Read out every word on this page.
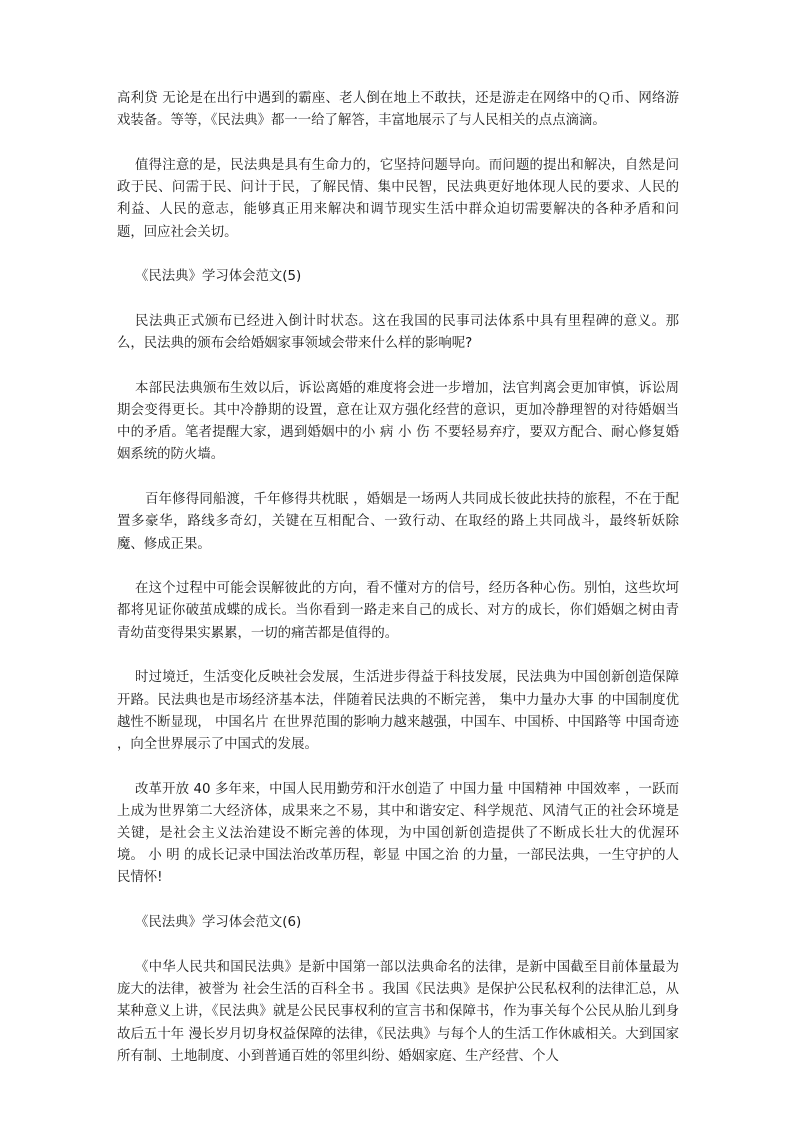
高利贷 无论是在出行中遇到的霸座、老人倒在地上不敢扶，还是游走在网络中的Ｑ币、网络游戏装备。等等，《民法典》都一一给了解答，丰富地展示了与人民相关的点点滴滴。

值得注意的是，民法典是具有生命力的，它坚持问题导向。而问题的提出和解决，自然是问政于民、问需于民、问计于民，了解民情、集中民智，民法典更好地体现人民的要求、人民的利益、人民的意志，能够真正用来解决和调节现实生活中群众迫切需要解决的各种矛盾和问题，回应社会关切。

《民法典》学习体会范文(5)

民法典正式颁布已经进入倒计时状态。这在我国的民事司法体系中具有里程碑的意义。那么，民法典的颁布会给婚姻家事领域会带来什么样的影响呢?

本部民法典颁布生效以后，诉讼离婚的难度将会进一步增加，法官判离会更加审慎，诉讼周期会变得更长。其中冷静期的设置，意在让双方强化经营的意识，更加冷静理智的对待婚姻当中的矛盾。笔者提醒大家，遇到婚姻中的小 病 小 伤 不要轻易弃疗，要双方配合、耐心修复婚姻系统的防火墙。

百年修得同船渡，千年修得共枕眠 ，婚姻是一场两人共同成长彼此扶持的旅程，不在于配置多豪华，路线多奇幻，关键在互相配合、一致行动、在取经的路上共同战斗，最终斩妖除魔、修成正果。

在这个过程中可能会误解彼此的方向，看不懂对方的信号，经历各种心伤。别怕，这些坎坷都将见证你破茧成蝶的成长。当你看到一路走来自己的成长、对方的成长，你们婚姻之树由青青幼苗变得果实累累，一切的痛苦都是值得的。

时过境迁，生活变化反映社会发展，生活进步得益于科技发展，民法典为中国创新创造保障开路。民法典也是市场经济基本法，伴随着民法典的不断完善， 集中力量办大事 的中国制度优越性不断显现， 中国名片 在世界范围的影响力越来越强，中国车、中国桥、中国路等 中国奇迹 ，向全世界展示了中国式的发展。

改革开放 40 多年来，中国人民用勤劳和汗水创造了 中国力量 中国精神 中国效率 ，一跃而上成为世界第二大经济体，成果来之不易，其中和谐安定、科学规范、风清气正的社会环境是关键，是社会主义法治建设不断完善的体现，为中国创新创造提供了不断成长壮大的优渥环境。 小 明 的成长记录中国法治改革历程，彰显 中国之治 的力量，一部民法典，一生守护的人民情怀!

《民法典》学习体会范文(6)

《中华人民共和国民法典》是新中国第一部以法典命名的法律，是新中国截至目前体量最为庞大的法律，被誉为 社会生活的百科全书 。我国《民法典》是保护公民私权利的法律汇总，从某种意义上讲，《民法典》就是公民民事权利的宣言书和保障书，作为事关每个公民从胎儿到身故后五十年 漫长岁月切身权益保障的法律，《民法典》与每个人的生活工作休戚相关。大到国家所有制、土地制度、小到普通百姓的邻里纠纷、婚姻家庭、生产经营、个人
